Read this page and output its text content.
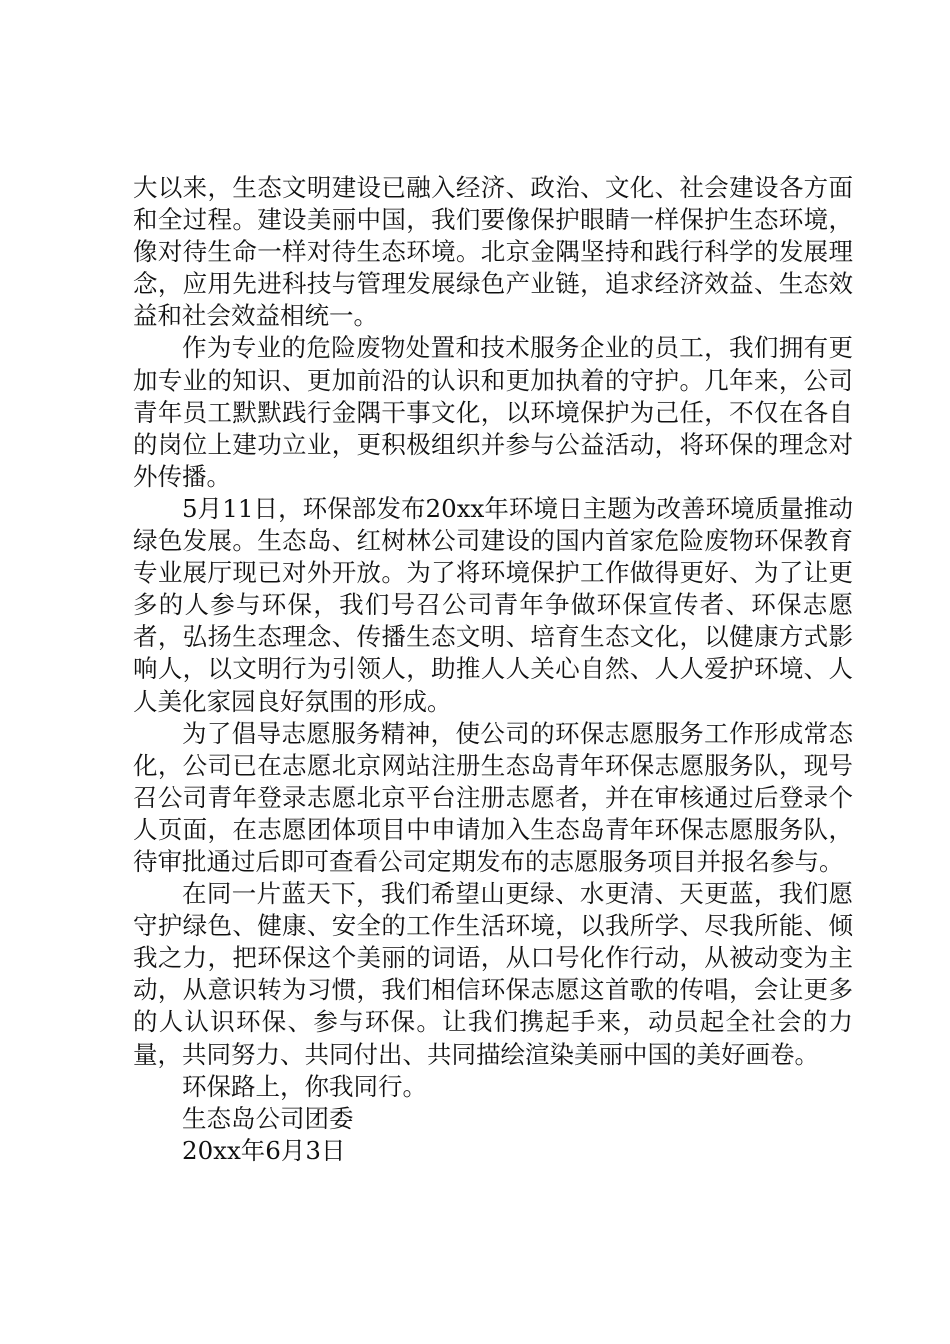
大以来，生态文明建设已融入经济、政治、文化、社会建设各方面和全过程。建设美丽中国，我们要像保护眼睛一样保护生态环境，像对待生命一样对待生态环境。北京金隅坚持和践行科学的发展理念，应用先进科技与管理发展绿色产业链，追求经济效益、生态效益和社会效益相统一。

作为专业的危险废物处置和技术服务企业的员工，我们拥有更加专业的知识、更加前沿的认识和更加执着的守护。几年来，公司青年员工默默践行金隅干事文化，以环境保护为己任，不仅在各自的岗位上建功立业，更积极组织并参与公益活动，将环保的理念对外传播。

5月11日，环保部发布20xx年环境日主题为改善环境质量推动绿色发展。生态岛、红树林公司建设的国内首家危险废物环保教育专业展厅现已对外开放。为了将环境保护工作做得更好、为了让更多的人参与环保，我们号召公司青年争做环保宣传者、环保志愿者，弘扬生态理念、传播生态文明、培育生态文化，以健康方式影响人，以文明行为引领人，助推人人关心自然、人人爱护环境、人人美化家园良好氛围的形成。

为了倡导志愿服务精神，使公司的环保志愿服务工作形成常态化，公司已在志愿北京网站注册生态岛青年环保志愿服务队，现号召公司青年登录志愿北京平台注册志愿者，并在审核通过后登录个人页面，在志愿团体项目中申请加入生态岛青年环保志愿服务队，待审批通过后即可查看公司定期发布的志愿服务项目并报名参与。

在同一片蓝天下，我们希望山更绿、水更清、天更蓝，我们愿守护绿色、健康、安全的工作生活环境，以我所学、尽我所能、倾我之力，把环保这个美丽的词语，从口号化作行动，从被动变为主动，从意识转为习惯，我们相信环保志愿这首歌的传唱，会让更多的人认识环保、参与环保。让我们携起手来，动员起全社会的力量，共同努力、共同付出、共同描绘渲染美丽中国的美好画卷。

环保路上，你我同行。

生态岛公司团委

20xx年6月3日
